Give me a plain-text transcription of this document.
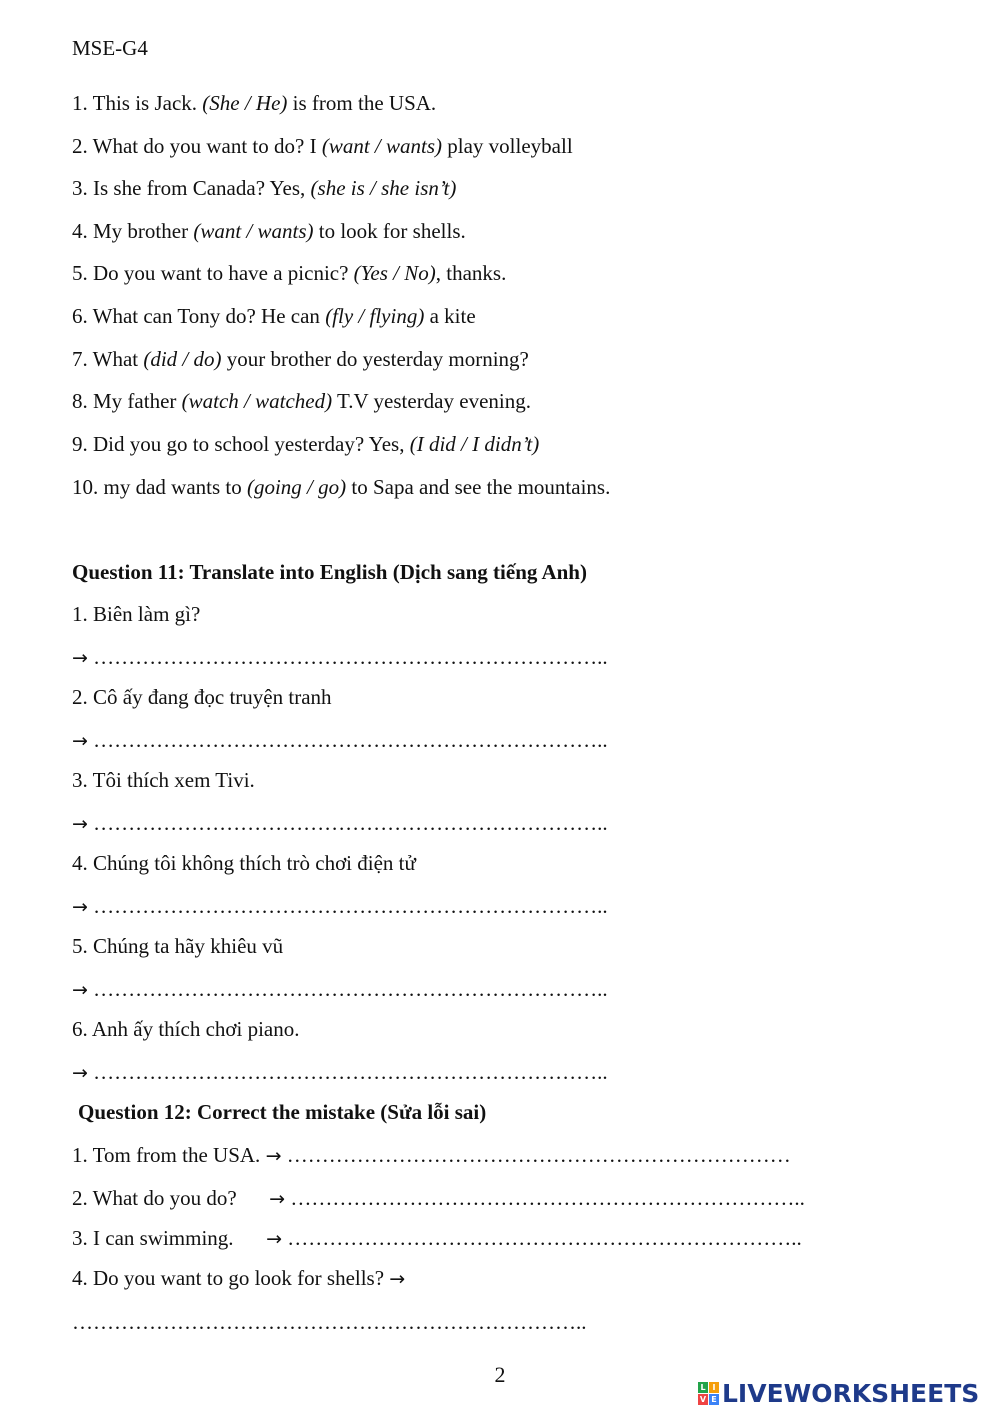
MSE-G4
1. This is Jack. (She / He) is from the USA.
2. What do you want to do? I (want / wants) play volleyball
3. Is she from Canada? Yes, (she is / she isn’t)
4. My brother (want / wants) to look for shells.
5. Do you want to have a picnic? (Yes / No), thanks.
6. What can Tony do? He can (fly / flying) a kite
7. What (did / do) your brother do yesterday morning?
8. My father (watch / watched) T.V yesterday evening.
9. Did you go to school yesterday? Yes, (I did / I didn’t)
10. my dad wants to (going / go) to Sapa and see the mountains.
Question 11: Translate into English (Dịch sang tiếng Anh)
1. Biên làm gì?
→ ………………………………………………………………..
2. Cô ấy đang đọc truyện tranh
→ ………………………………………………………………..
3. Tôi thích xem Tivi.
→ ………………………………………………………………..
4. Chúng tôi không thích trò chơi điện tử
→ ………………………………………………………………..
5. Chúng ta hãy khiêu vũ
→ ………………………………………………………………..
6. Anh ấy thích chơi piano.
→ ………………………………………………………………..
Question 12: Correct the mistake (Sửa lỗi sai)
1. Tom from the USA. → ………………………………………………………………
2. What do you do? → ………………………………………………………………..
3. I can swimming. → ………………………………………………………………..
4. Do you want to go look for shells? →
………………………………………………………………..
2	L I
V E LIVEWORKSHEETS
